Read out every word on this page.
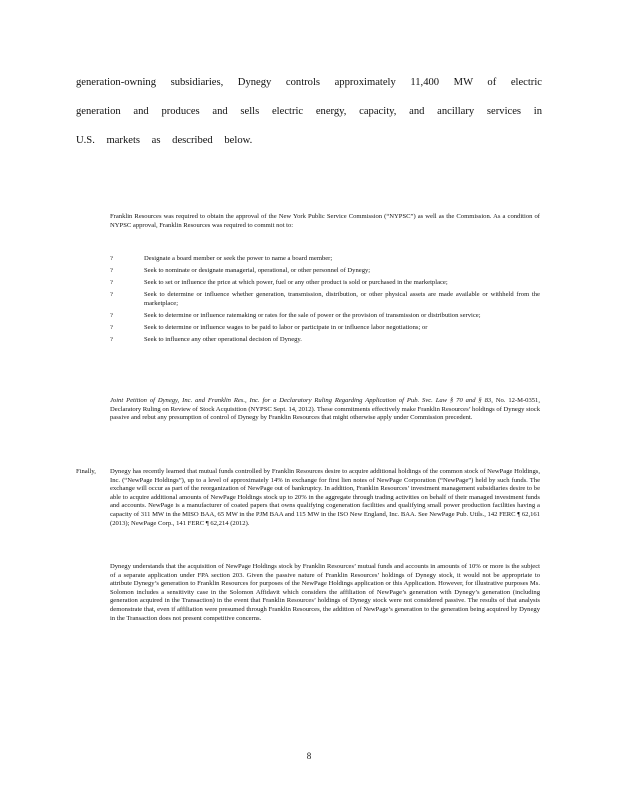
generation-owning subsidiaries, Dynegy controls approximately 11,400 MW of electric generation and produces and sells electric energy, capacity, and ancillary services in U.S. markets as described below.

Franklin Resources was required to obtain the approval of the New York Public Service Commission (“NYPSC”) as well as the Commission. As a condition of NYPSC approval, Franklin Resources was required to commit not to:

?	Designate a board member or seek the power to name a board member;
?	Seek to nominate or designate managerial, operational, or other personnel of Dynegy;
?	Seek to set or influence the price at which power, fuel or any other product is sold or purchased in the marketplace;
?	Seek to determine or influence whether generation, transmission, distribution, or other physical assets are made available or withheld from the marketplace;
?	Seek to determine or influence ratemaking or rates for the sale of power or the provision of transmission or distribution service;
?	Seek to determine or influence wages to be paid to labor or participate in or influence labor negotiations; or
?	Seek to influence any other operational decision of Dynegy.

Joint Petition of Dynegy, Inc. and Franklin Res., Inc. for a Declaratory Ruling Regarding Application of Pub. Svc. Law § 70 and § 83, No. 12-M-0351, Declaratory Ruling on Review of Stock Acquisition (NYPSC Sept. 14, 2012). These commitments effectively make Franklin Resources’ holdings of Dynegy stock passive and rebut any presumption of control of Dynegy by Franklin Resources that might otherwise apply under Commission precedent.

Finally,	Dynegy has recently learned that mutual funds controlled by Franklin Resources desire to acquire additional holdings of the common stock of NewPage Holdings, Inc. (“NewPage Holdings”), up to a level of approximately 14% in exchange for first lien notes of NewPage Corporation (“NewPage”) held by such funds. The exchange will occur as part of the reorganization of NewPage out of bankruptcy. In addition, Franklin Resources’ investment management subsidiaries desire to be able to acquire additional amounts of NewPage Holdings stock up to 20% in the aggregate through trading activities on behalf of their managed investment funds and accounts. NewPage is a manufacturer of coated papers that owns qualifying cogeneration facilities and qualifying small power production facilities having a capacity of 311 MW in the MISO BAA, 65 MW in the PJM BAA and 115 MW in the ISO New England, Inc. BAA. See NewPage Pub. Utils., 142 FERC ¶ 62,161 (2013); NewPage Corp., 141 FERC ¶ 62,214 (2012).

Dynegy understands that the acquisition of NewPage Holdings stock by Franklin Resources’ mutual funds and accounts in amounts of 10% or more is the subject of a separate application under FPA section 203. Given the passive nature of Franklin Resources’ holdings of Dynegy stock, it would not be appropriate to attribute Dynegy’s generation to Franklin Resources for purposes of the NewPage Holdings application or this Application. However, for illustrative purposes Ms. Solomon includes a sensitivity case in the Solomon Affidavit which considers the affiliation of NewPage’s generation with Dynegy’s generation (including generation acquired in the Transaction) in the event that Franklin Resources’ holdings of Dynegy stock were not considered passive. The results of that analysis demonstrate that, even if affiliation were presumed through Franklin Resources, the addition of NewPage’s generation to the generation being acquired by Dynegy in the Transaction does not present competitive concerns.

8
